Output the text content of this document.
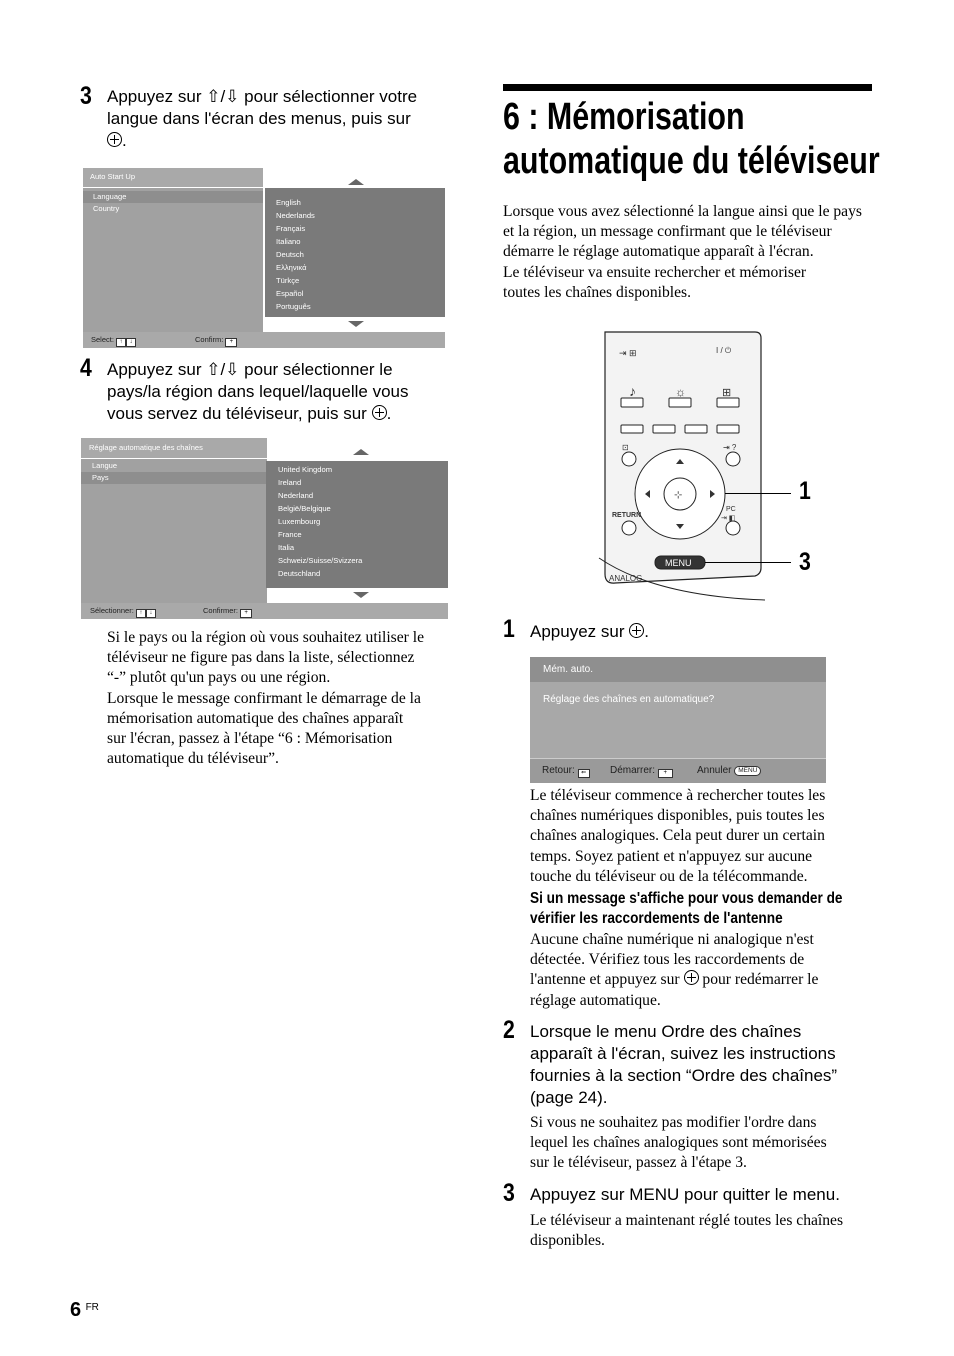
3 Appuyez sur ⇧/⇩ pour sélectionner votre
langue dans l'écran des menus, puis sur
.
Auto Start Up
Language
Country
English
Nederlands
Français
Italiano
Deutsch
Ελληνικά
Türkçe
Español
Português
Select: ↑ ↓	Confirm: +
4 Appuyez sur ⇧/⇩ pour sélectionner le
pays/la région dans lequel/laquelle vous
vous servez du téléviseur, puis sur .
Réglage automatique des chaînes
Langue
Pays
United Kingdom
Ireland
Nederland
België/Belgique
Luxembourg
France
Italia
Schweiz/Suisse/Svizzera
Deutschland
Sélectionner: ↑ ↓	Confirmer: +
Si le pays ou la région où vous souhaitez utiliser le
téléviseur ne figure pas dans la liste, sélectionnez
“-” plutôt qu'un pays ou une région.
Lorsque le message confirmant le démarrage de la
mémorisation automatique des chaînes apparaît
sur l'écran, passez à l'étape “6 : Mémorisation
automatique du téléviseur”.
6 : Mémorisation
automatique du téléviseur
Lorsque vous avez sélectionné la langue ainsi que le pays
et la région, un message confirmant que le téléviseur
démarre le réglage automatique apparaît à l'écran.
Le téléviseur va ensuite rechercher et mémoriser
toutes les chaînes disponibles.
⇥ ⊞
♪	☼	⊞
⊡	⇥ ?
⊹
PC
⇥ ◧
I / ⏻
RETURN
MENU
ANALOG
1
3
1 Appuyez sur .
Mém. auto.
Réglage des chaînes en automatique?
Retour: ⇐	Démarrer: +	Annuler MENU
Le téléviseur commence à rechercher toutes les
chaînes numériques disponibles, puis toutes les
chaînes analogiques. Cela peut durer un certain
temps. Soyez patient et n'appuyez sur aucune
touche du téléviseur ou de la télécommande.
Si un message s'affiche pour vous demander de
vérifier les raccordements de l'antenne
Aucune chaîne numérique ni analogique n'est
détectée. Vérifiez tous les raccordements de
l'antenne et appuyez sur pour redémarrer le
réglage automatique.
2 Lorsque le menu Ordre des chaînes
apparaît à l'écran, suivez les instructions
fournies à la section “Ordre des chaînes”
(page 24).
Si vous ne souhaitez pas modifier l'ordre dans
lequel les chaînes analogiques sont mémorisées
sur le téléviseur, passez à l'étape 3.
3 Appuyez sur MENU pour quitter le menu.
Le téléviseur a maintenant réglé toutes les chaînes
disponibles.
6 $^{FR}$
